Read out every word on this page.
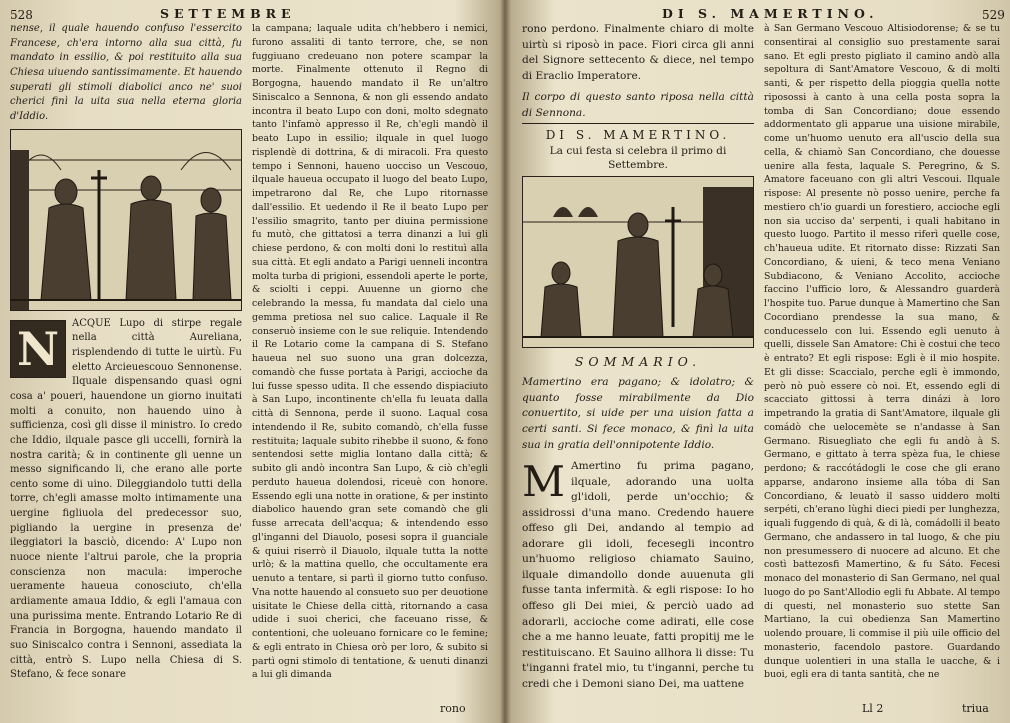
528	SETTEMBRE

nense, il quale hauendo confuso l'essercito Francese, ch'era intorno alla sua città, fu mandato in essilio, & poi restituito alla sua Chiesa uiuendo santissimamente. Et hauendo superati gli stimoli diabolici anco ne' suoi cherici finì la uita sua nella eterna gloria d'Iddio.

N	ACQUE Lupo di stirpe regale nella città Aureliana, risplendendo di tutte le uirtù. Fu eletto Arcieuescouo Sennonense. Ilquale dispensando quasi ogni cosa a' poueri, hauendone un giorno inuitati molti a conuito, non hauendo uino à sufficienza, così gli disse il ministro. Io credo che Iddio, ilquale pasce gli uccelli, fornirà la nostra carità; & in continente gli uenne un messo significando li, che erano alle porte cento some di uino. Dileggiandolo tutti della torre, ch'egli amasse molto intimamente una uergine figliuola del predecessor suo, pigliando la uergine in presenza de' ileggiatori la basciò, dicendo: A' Lupo non nuoce niente l'altrui parole, che la propria conscienza non macula: imperoche ueramente haueua conosciuto, ch'ella ardiamente amaua Iddio, & egli l'amaua con una purissima mente. Entrando Lotario Re di Francia in Borgogna, hauendo mandato il suo Siniscalco contra i Sennoni, assediata la città, entrò S. Lupo nella Chiesa di S. Stefano, & fece sonare

la campana; laquale udita ch'hebbero i nemici, furono assaliti di tanto terrore, che, se non fuggiuano credeuano non potere scampar la morte. Finalmente ottenuto il Regno di Borgogna, hauendo mandato il Re un'altro Siniscalco a Sennona, & non gli essendo andato incontra il beato Lupo con doni, molto sdegnato tanto l'infamò appresso il Re, ch'egli mandò il beato Lupo in essilio; ilquale in quel luogo risplendè di dottrina, & di miracoli. Fra questo tempo i Sennoni, haueno uocciso un Vescouo, ilquale haueua occupato il luogo del beato Lupo, impetrarono dal Re, che Lupo ritornasse dall'essilio. Et uedendo il Re il beato Lupo per l'essilio smagrito, tanto per diuina permissione fu mutò, che gittatosi a terra dinanzi a lui gli chiese perdono, & con molti doni lo restituì alla sua città. Et egli andato a Parigi uenneli incontra molta turba di prigioni, essendoli aperte le porte, & sciolti i ceppi. Auuenne un giorno che celebrando la messa, fu mandata dal cielo una gemma pretiosa nel suo calice. Laquale il Re conseruò insieme con le sue reliquie. Intendendo il Re Lotario come la campana di S. Stefano haueua nel suo suono una gran dolcezza, comandò che fusse portata à Parigi, accioche da lui fusse spesso udita. Il che essendo dispiaciuto à San Lupo, incontinente ch'ella fu leuata dalla città di Sennona, perde il suono. Laqual cosa intendendo il Re, subito comandò, ch'ella fusse restituita; laquale subito rihebbe il suono, & fono sentendosi sette miglia lontano dalla città; & subito gli andò incontra San Lupo, & ciò ch'egli perduto haueua dolendosi, riceuè con honore. Essendo egli una notte in oratione, & per instinto diabolico hauendo gran sete comandò che gli fusse arrecata dell'acqua; & intendendo esso gl'inganni del Diauolo, posesi sopra il guanciale & quiui riserrò il Diauolo, ilquale tutta la notte urlò; & la mattina quello, che occultamente era uenuto a tentare, si partì il giorno tutto confuso. Vna notte hauendo al consueto suo per deuotione uisitate le Chiese della città, ritornando a casa udide i suoi cherici, che faceuano risse, & contentioni, che uoleuano fornicare co le femine; & egli entrato in Chiesa orò per loro, & subito si partì ogni stimolo di tentatione, & uenuti dinanzi a lui gli dimanda

rono
DI S. MAMERTINO.	529

rono perdono. Finalmente chiaro di molte uirtù si riposò in pace. Fiori circa gli anni del Signore settecento & diece, nel tempo di Eraclio Imperatore.

Il corpo di questo santo riposa nella città di Sennona.

DI S. MAMERTINO.
La cui festa si celebra il primo di Settembre.
SOMMARIO.

Mamertino era pagano; & idolatro; & quanto fosse mirabilmente da Dio conuertito, si uide per una uision fatta a certi santi. Si fece monaco, & finì la uita sua in gratia dell'onnipotente Iddio.

M Amertino fu prima pagano, ilquale, adorando una uolta gl'idoli, perde un'occhio; & assidrossi d'una mano. Credendo hauere offeso gli Dei, andando al tempio ad adorare gli idoli, fecesegli incontro un'huomo religioso chiamato Sauino, ilquale dimandollo donde auuenuta gli fusse tanta infermità. & egli rispose: Io ho offeso gli Dei miei, & perciò uado ad adorarli, accioche come adirati, elle cose che a me hanno leuate, fatti propitij me le restituiscano. Et Sauino allhora li disse: Tu t'inganni fratel mio, tu t'inganni, perche tu credi che i Demoni siano Dei, ma uattene

à San Germano Vescouo Altisiodorense; & se tu consentirai al consiglio suo prestamente sarai sano. Et egli presto pigliato il camino andò alla sepoltura di Sant'Amatore Vescouo, & di molti santi, & per rispetto della pioggia quella notte riposossi à canto à una cella posta sopra la tomba di San Concordiano; doue essendo addormentato gli apparue una uisione mirabile, come un'huomo uenuto era all'uscio della sua cella, & chiamò San Concordiano, che douesse uenire alla festa, laquale S. Peregrino, & S. Amatore faceuano con gli altri Vescoui. Ilquale rispose: Al presente nò posso uenire, perche fa mestiero ch'io guardi un forestiero, accioche egli non sia ucciso da' serpenti, i quali habitano in questo luogo. Partito il messo riferì quelle cose, ch'haueua udite. Et ritornato disse: Rizzati San Concordiano, & uieni, & teco mena Veniano Subdiacono, & Veniano Accolito, accioche faccino l'ufficio loro, & Alessandro guarderà l'hospite tuo. Parue dunque à Mamertino che San Cocordiano prendesse la sua mano, & conducesselo con lui. Essendo egli uenuto à quelli, dissele San Amatore: Chi è costui che teco è entrato? Et egli rispose: Egli è il mio hospite. Et gli disse: Scaccialo, perche egli è immondo, però nò può essere cò noi. Et, essendo egli di scacciato gittossi à terra dinázi à loro impetrando la gratia di Sant'Amatore, ilquale gli comádò che uelocemète se n'andasse à San Germano. Risuegliato che egli fu andò à S. Germano, e gittato à terra spèza fua, le chiese perdono; & raccótádogli le cose che gli erano apparse, andarono insieme alla tóba di San Concordiano, & leuatò il sasso uiddero molti serpéti, ch'erano lùghi dieci piedi per lunghezza, iquali fuggendo di quà, & di là, comádolli il beato Germano, che andassero in tal luogo, & che piu non presumessero di nuocere ad alcuno. Et che costì battezosfi Mamertino, & fu Sáto. Fecesi monaco del monasterio di San Germano, nel qual luogo do po Sant'Allodio egli fu Abbate. Al tempo di questi, nel monasterio suo stette San Martiano, la cui obedienza San Mamertino uolendo prouare, li commise il più uile officio del monasterio, facendolo pastore. Guardando dunque uolentieri in una stalla le uacche, & i buoi, egli era di tanta santità, che ne

Ll 2	triua
